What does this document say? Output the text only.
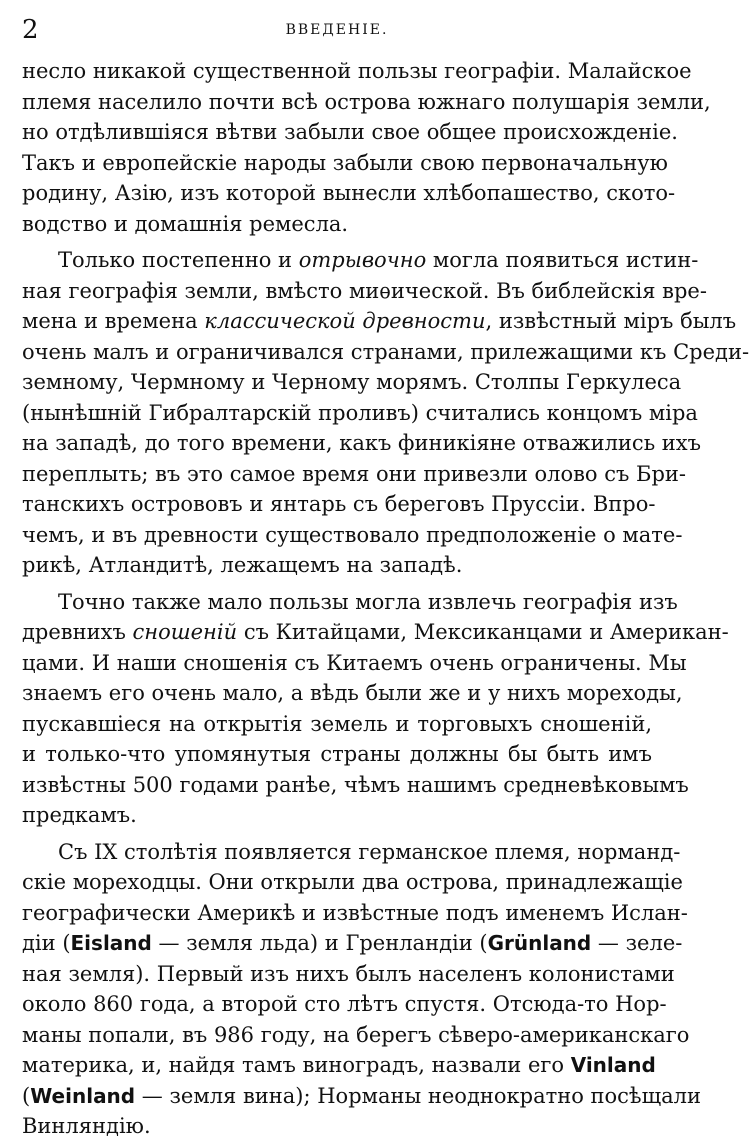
2	ВВЕДЕНІЕ.
несло никакой существенной пользы географіи. Малайское
племя населило почти всѣ острова южнаго полушарія земли,
но отдѣлившіяся вѣтви забыли свое общее происхожденіе.
Такъ и европейскіе народы забыли свою первоначальную
родину, Азію, изъ которой вынесли хлѣбопашество, ското-
водство и домашнія ремесла.
Только постепенно и отрывочно могла появиться истин-
ная географія земли, вмѣсто миѳической. Въ библейскія вре-
мена и времена классической древности, извѣстный міръ былъ
очень малъ и ограничивался странами, прилежащими къ Среди-
земному, Чермному и Черному морямъ. Столпы Геркулеса
(нынѣшній Гибралтарскій проливъ) считались концомъ міра
на западѣ, до того времени, какъ финикіяне отважились ихъ
переплыть; въ это самое время они привезли олово съ Бри-
танскихъ острововъ и янтарь съ береговъ Пруссіи. Впро-
чемъ, и въ древности существовало предположеніе о мате-
рикѣ, Атландитѣ, лежащемъ на западѣ.
Точно также мало пользы могла извлечь географія изъ
древнихъ сношеній съ Китайцами, Мексиканцами и Американ-
цами. И наши сношенія съ Китаемъ очень ограничены. Мы
знаемъ его очень мало, а вѣдь были же и у нихъ мореходы,
пускавшіеся на открытія земель и торговыхъ сношеній,
и только-что упомянутыя страны должны бы быть имъ
извѣстны 500 годами ранѣе, чѣмъ нашимъ средневѣковымъ
предкамъ.
Съ IX столѣтія появляется германское племя, норманд-
скіе мореходцы. Они открыли два острова, принадлежащіе
географически Америкѣ и извѣстные подъ именемъ Ислан-
діи (Eisland — земля льда) и Гренландіи (Grünland — зеле-
ная земля). Первый изъ нихъ былъ населенъ колонистами
около 860 года, а второй сто лѣтъ спустя. Отсюда-то Нор-
маны попали, въ 986 году, на берегъ сѣверо-американскаго
материка, и, найдя тамъ виноградъ, назвали его Vinland
(Weinland — земля вина); Норманы неоднократно посѣщали
Винляндію.
